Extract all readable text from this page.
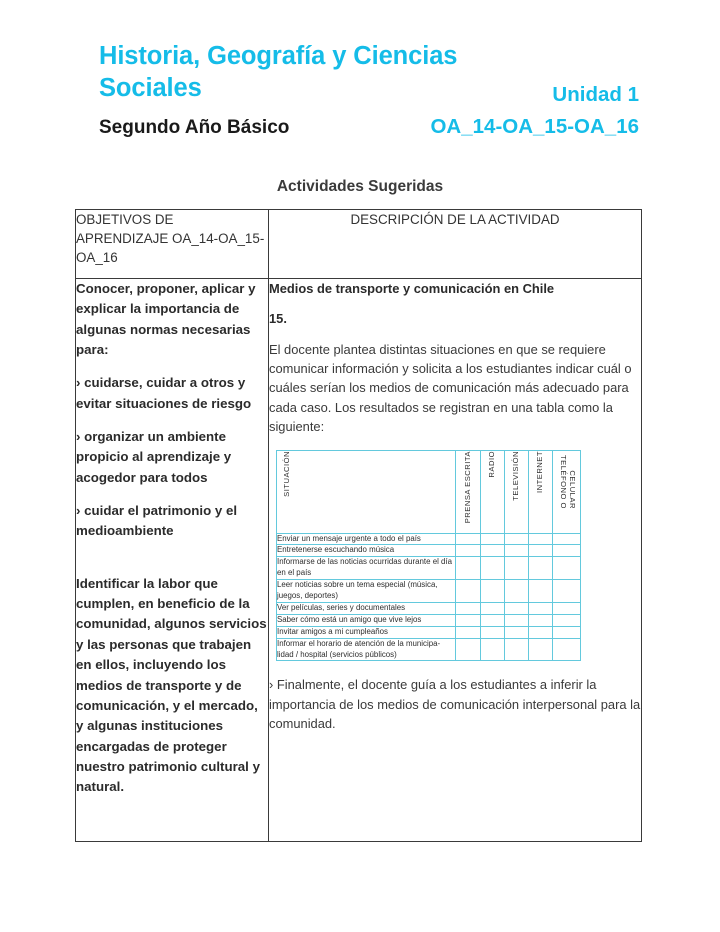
Historia, Geografía y Ciencias Sociales	Unidad 1
Segundo Año Básico	OA_14-OA_15-OA_16
Actividades Sugeridas
OBJETIVOS DE APRENDIZAJE OA_14-OA_15-OA_16	DESCRIPCIÓN DE LA ACTIVIDAD

Conocer, proponer, aplicar y explicar la importancia de algunas normas necesarias para:

› cuidarse, cuidar a otros y evitar situaciones de riesgo

› organizar un ambiente propicio al aprendizaje y acogedor para todos

› cuidar el patrimonio y el medioambiente

Identificar la labor que cumplen, en beneficio de la comunidad, algunos servicios y las personas que trabajen en ellos, incluyendo los medios de transporte y de comunicación, y el mercado, y algunas instituciones encargadas de proteger nuestro patrimonio cultural y natural.

Medios de transporte y comunicación en Chile

15.

El docente plantea distintas situaciones en que se requiere comunicar información y solicita a los estudiantes indicar cuál o cuáles serían los medios de comunicación más adecuado para cada caso. Los resultados se registran en una tabla como la siguiente:

SITUACIÓN	PRENSA ESCRITA	RADIO	TELEVISIÓN	INTERNET	TELÉFONO O
CELULAR
Enviar un mensaje urgente a todo el país					
Entretenerse escuchando música					
Informarse de las noticias ocurridas durante el día en el país					
Leer noticias sobre un tema especial (música, juegos, deportes)					
Ver películas, series y documentales					
Saber cómo está un amigo que vive lejos					
Invitar amigos a mi cumpleaños					
Informar el horario de atención de la municipa-lidad / hospital (servicios públicos)					

› Finalmente, el docente guía a los estudiantes a inferir la importancia de los medios de comunicación interpersonal para la comunidad.
